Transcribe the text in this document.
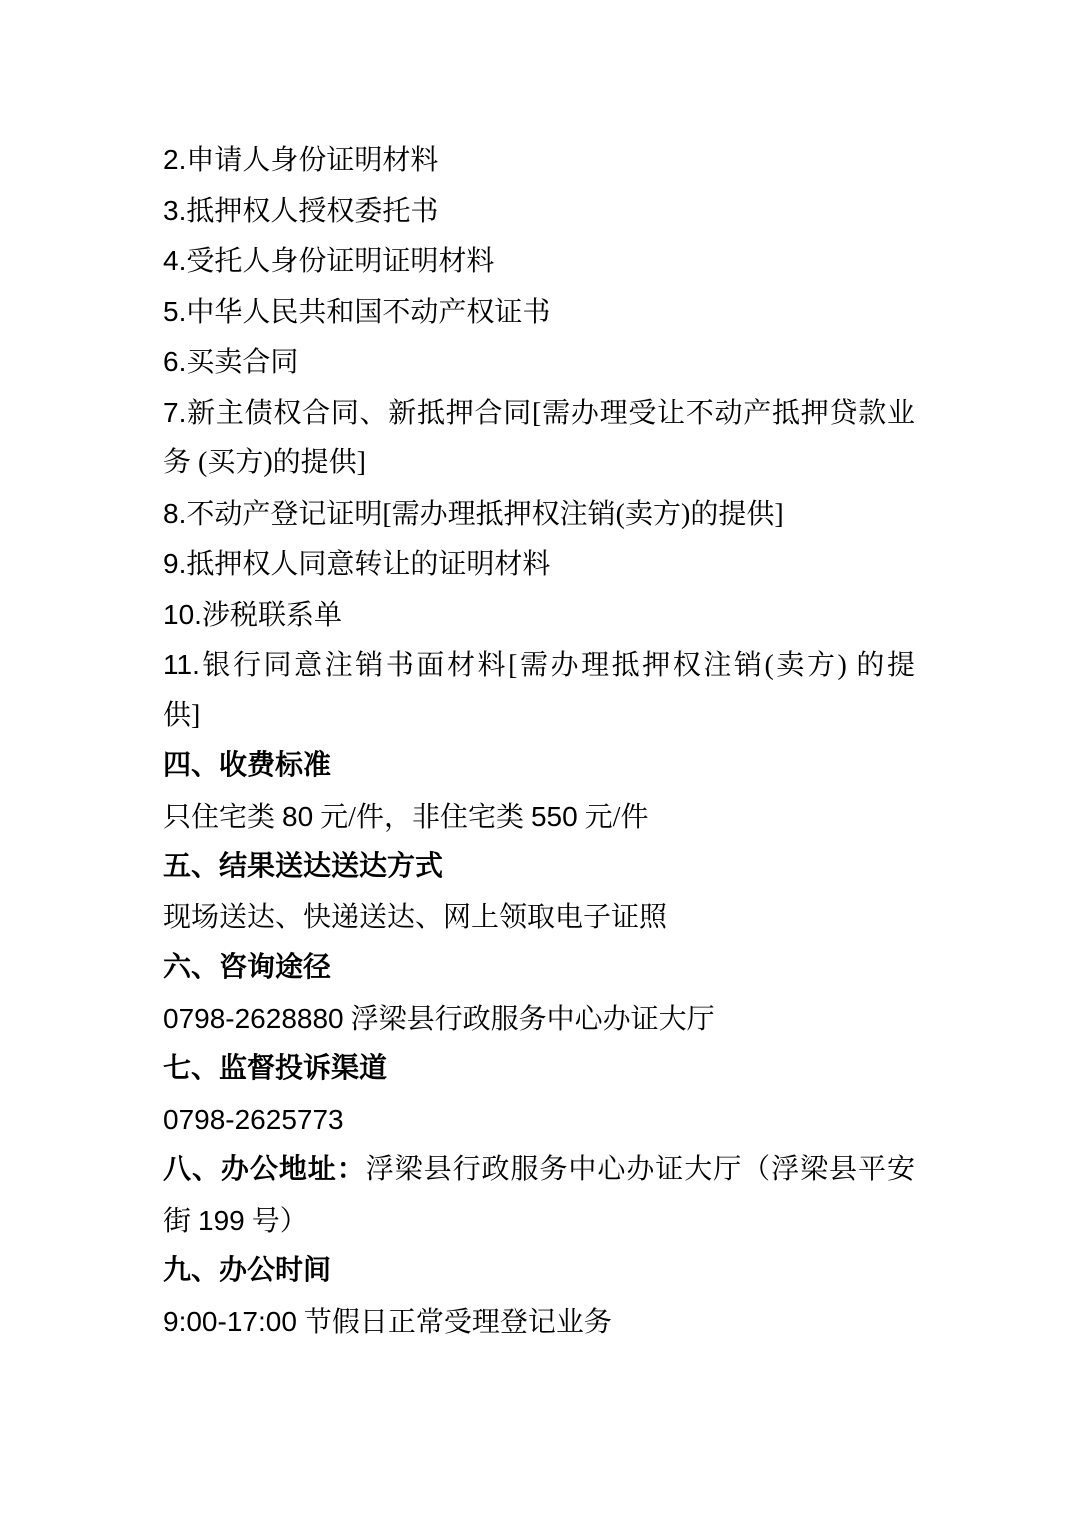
2.申请人身份证明材料
3.抵押权人授权委托书
4.受托人身份证明证明材料
5.中华人民共和国不动产权证书
6.买卖合同
7.新主债权合同、新抵押合同[需办理受让不动产抵押贷款业
务 (买方)的提供]
8.不动产登记证明[需办理抵押权注销(卖方)的提供]
9.抵押权人同意转让的证明材料
10.涉税联系单
11.银行同意注销书面材料[需办理抵押权注销(卖方) 的提
供]
四、收费标准
只住宅类 80 元/件，非住宅类 550 元/件
五、结果送达送达方式
现场送达、快递送达、网上领取电子证照
六、咨询途径
0798-2628880 浮梁县行政服务中心办证大厅
七、监督投诉渠道
0798-2625773
八、办公地址：浮梁县行政服务中心办证大厅（浮梁县平安
街 199 号）
九、办公时间
9:00-17:00 节假日正常受理登记业务
